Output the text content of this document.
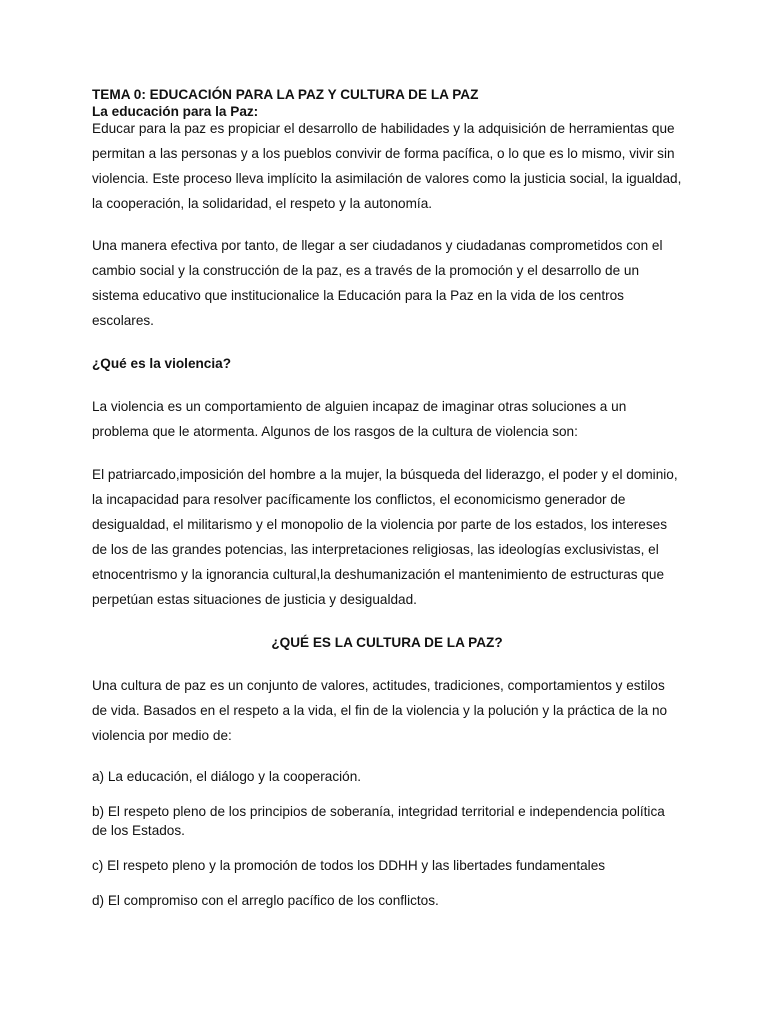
TEMA 0: EDUCACIÓN PARA LA PAZ Y CULTURA DE LA PAZ

La educación para la Paz:

Educar para la paz es propiciar el desarrollo de habilidades y la adquisición de herramientas que permitan a las personas y a los pueblos convivir de forma pacífica, o lo que es lo mismo, vivir sin violencia. Este proceso lleva implícito la asimilación de valores como la justicia social, la igualdad, la cooperación, la solidaridad, el respeto y la autonomía.

Una manera efectiva por tanto, de llegar a ser ciudadanos y ciudadanas comprometidos con el cambio social y la construcción de la paz, es a través de la promoción y el desarrollo de un sistema educativo que institucionalice la Educación para la Paz en la vida de los centros escolares.

¿Qué es la violencia?

La violencia es un comportamiento de alguien incapaz de imaginar otras soluciones a un problema que le atormenta. Algunos de los rasgos de la cultura de violencia son:

El patriarcado,imposición del hombre a la mujer, la búsqueda del liderazgo, el poder y el dominio, la incapacidad para resolver pacíficamente los conflictos, el economicismo generador de desigualdad, el militarismo y el monopolio de la violencia por parte de los estados, los intereses de los de las grandes potencias, las interpretaciones religiosas, las ideologías exclusivistas, el etnocentrismo y la ignorancia cultural,la deshumanización el mantenimiento de estructuras que perpetúan estas situaciones de justicia y desigualdad.

¿QUÉ ES LA CULTURA DE LA PAZ?

Una cultura de paz es un conjunto de valores, actitudes, tradiciones, comportamientos y estilos de vida. Basados en el respeto a la vida, el fin de la violencia y la polución y la práctica de la no violencia por medio de:

a) La educación, el diálogo y la cooperación.

b) El respeto pleno de los principios de soberanía, integridad territorial e independencia política de los Estados.

c) El respeto pleno y la promoción de todos los DDHH y las libertades fundamentales

d) El compromiso con el arreglo pacífico de los conflictos.
